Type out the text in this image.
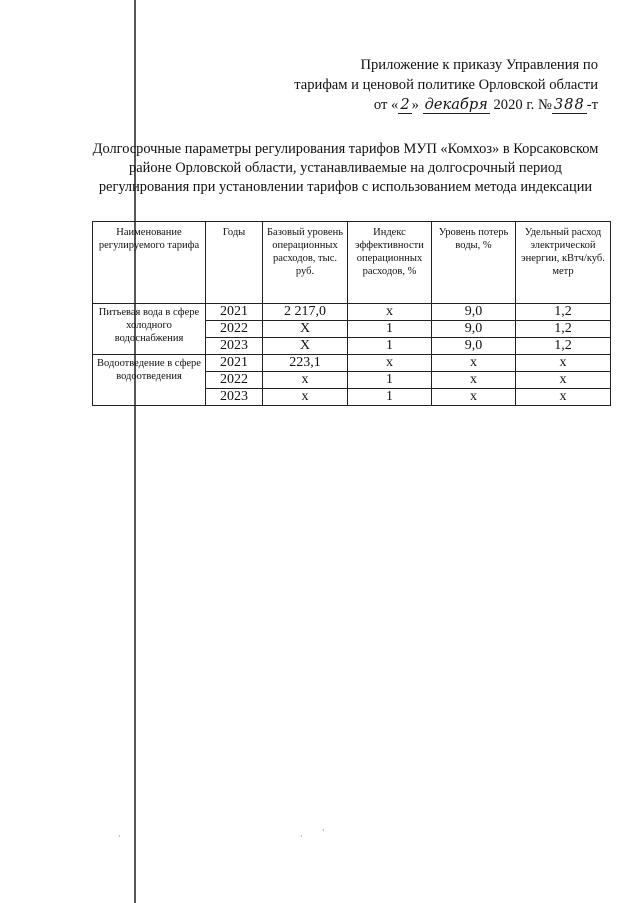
Приложение к приказу Управления по
тарифам и ценовой политике Орловской области
от « 2 » декабря 2020 г. № 388 -т
Долгосрочные параметры регулирования тарифов МУП «Комхоз» в Корсаковском районе Орловской области, устанавливаемые на долгосрочный период регулирования при установлении тарифов с использованием метода индексации
Наименование регулируемого тарифа	Годы	Базовый уровень операционных расходов, тыс. руб.	Индекс эффективности операционных расходов, %	Уровень потерь воды, %	Удельный расход электрической энергии, кВтч/куб. метр
Питьевая вода в сфере холодного водоснабжения	2021	2 217,0	х	9,0	1,2
	2022	Х	1	9,0	1,2
	2023	Х	1	9,0	1,2
Водоотведение в сфере водоотведения	2021	223,1	х	х	х
	2022	х	1	х	х
	2023	х	1	х	х
·	·
·
